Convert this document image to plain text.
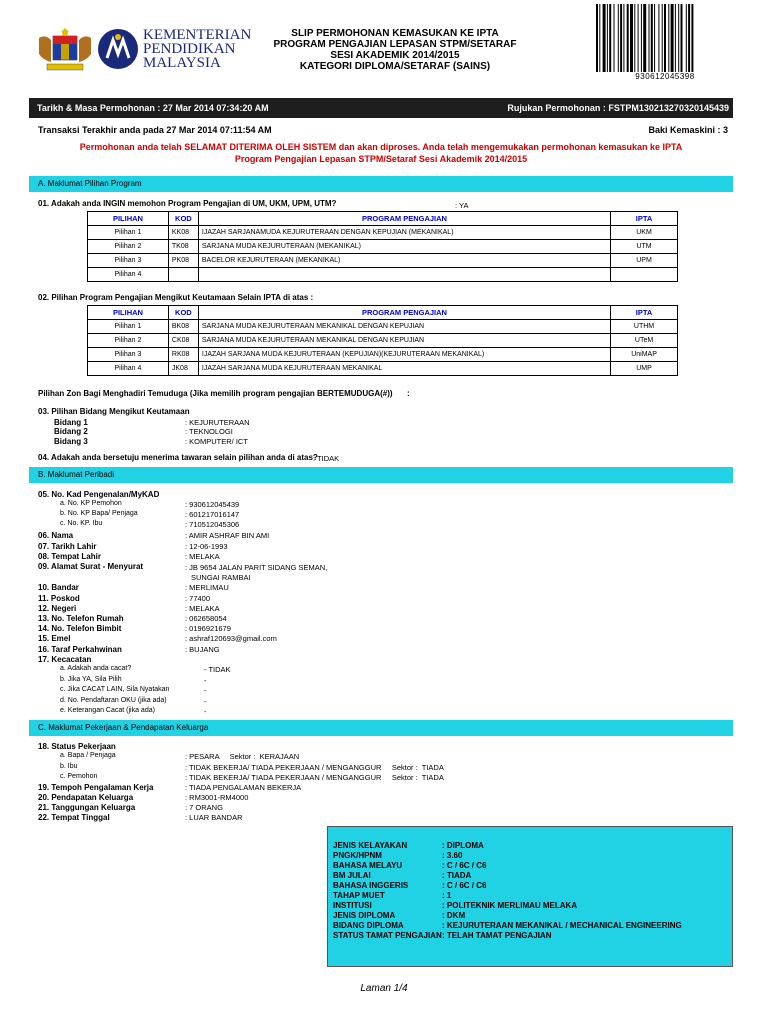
KEMENTERIAN
PENDIDIKAN
MALAYSIA
SLIP PERMOHONAN KEMASUKAN KE IPTA
PROGRAM PENGAJIAN LEPASAN STPM/SETARAF
SESI AKADEMIK 2014/2015
KATEGORI DIPLOMA/SETARAF (SAINS)
930612045398
Tarikh & Masa Permohonan : 27 Mar 2014 07:34:20 AM	Rujukan Permohonan : FSTPM130213270320145439
Transaksi Terakhir anda pada 27 Mar 2014 07:11:54 AM	Baki Kemaskini : 3
Permohonan anda telah SELAMAT DITERIMA OLEH SISTEM dan akan diproses. Anda telah mengemukakan permohonan kemasukan ke IPTA
Program Pengajian Lepasan STPM/Setaraf Sesi Akademik 2014/2015
A. Maklumat Pilihan Program
01. Adakah anda INGIN memohon Program Pengajian di UM, UKM, UPM, UTM?	: YA
PILIHAN	KOD	PROGRAM PENGAJIAN	IPTA
Pilihan 1	KK08	IJAZAH SARJANAMUDA KEJURUTERAAN DENGAN KEPUJIAN (MEKANIKAL)	UKM
Pilihan 2	TK08	SARJANA MUDA KEJURUTERAAN (MEKANIKAL)	UTM
Pilihan 3	PK08	BACELOR KEJURUTERAAN (MEKANIKAL)	UPM
Pilihan 4			
02. Pilihan Program Pengajian Mengikut Keutamaan Selain IPTA di atas :
PILIHAN	KOD	PROGRAM PENGAJIAN	IPTA
Pilihan 1	BK08	SARJANA MUDA KEJURUTERAAN MEKANIKAL DENGAN KEPUJIAN	UTHM
Pilihan 2	CK08	SARJANA MUDA KEJURUTERAAN MEKANIKAL DENGAN KEPUJIAN	UTeM
Pilihan 3	RK08	IJAZAH SARJANA MUDA KEJURUTERAAN (KEPUJIAN)(KEJURUTERAAN MEKANIKAL)	UniMAP
Pilihan 4	JK08	IJAZAH SARJANA MUDA KEJURUTERAAN MEKANIKAL	UMP
Pilihan Zon Bagi Menghadiri Temuduga (Jika memilih program pengajian BERTEMUDUGA(#)) :
03. Pilihan Bidang Mengikut Keutamaan
Bidang 1	: KEJURUTERAAN
Bidang 2	: TEKNOLOGI
Bidang 3	: KOMPUTER/ ICT
04. Adakah anda bersetuju menerima tawaran selain pilihan anda di atas?
: TIDAK
B. Maklumat Peribadi
05. No. Kad Pengenalan/MyKAD
a. No. KP Pemohon	: 930612045439
b. No. KP Bapa/ Penjaga	: 601217016147
c. No. KP. Ibu	: 710512045306
06. Nama	: AMIR ASHRAF BIN AMI
07. Tarikh Lahir	: 12-06-1993
08. Tempat Lahir	: MELAKA
09. Alamat Surat - Menyurat	: JB 9654 JALAN PARIT SIDANG SEMAN,
SUNGAI RAMBAI
10. Bandar	: MERLIMAU
11. Poskod	: 77400
12. Negeri	: MELAKA
13. No. Telefon Rumah	: 062658054
14. No. Telefon Bimbit	: 0196921679
15. Emel	: ashraf120693@gmail.com
16. Taraf Perkahwinan	: BUJANG
17. Kecacatan
a. Adakah anda cacat?	- TIDAK
b. Jika YA, Sila Pilih	-
c. Jika CACAT LAIN, Sila Nyatakan	-
d. No. Pendaftaran OKU (jika ada)	-
e. Keterangan Cacat (jika ada)	-
C. Maklumat Pekerjaan & Pendapatan Keluarga
18. Status Pekerjaan
a. Bapa / Penjaga	: PESARA     Sektor :  KERAJAAN
b. Ibu	: TIDAK BEKERJA/ TIADA PEKERJAAN / MENGANGGUR     Sektor :  TIADA
c. Pemohon	: TIDAK BEKERJA/ TIADA PEKERJAAN / MENGANGGUR     Sektor :  TIADA
19. Tempoh Pengalaman Kerja	: TIADA PENGALAMAN BEKERJA
20. Pendapatan Keluarga	: RM3001-RM4000
21. Tanggungan Keluarga	: 7 ORANG
22. Tempat Tinggal	: LUAR BANDAR
JENIS KELAYAKAN	: DIPLOMA
PNGK/HPNM	: 3.60
BAHASA MELAYU	: C / 6C / C6
BM JULAI	: TIADA
BAHASA INGGERIS	: C / 6C / C6
TAHAP MUET	: 1
INSTITUSI	: POLITEKNIK MERLIMAU MELAKA
JENIS DIPLOMA	: DKM
BIDANG DIPLOMA	: KEJURUTERAAN MEKANIKAL / MECHANICAL ENGINEERING
STATUS TAMAT PENGAJIAN : TELAH TAMAT PENGAJIAN
Laman 1/4
